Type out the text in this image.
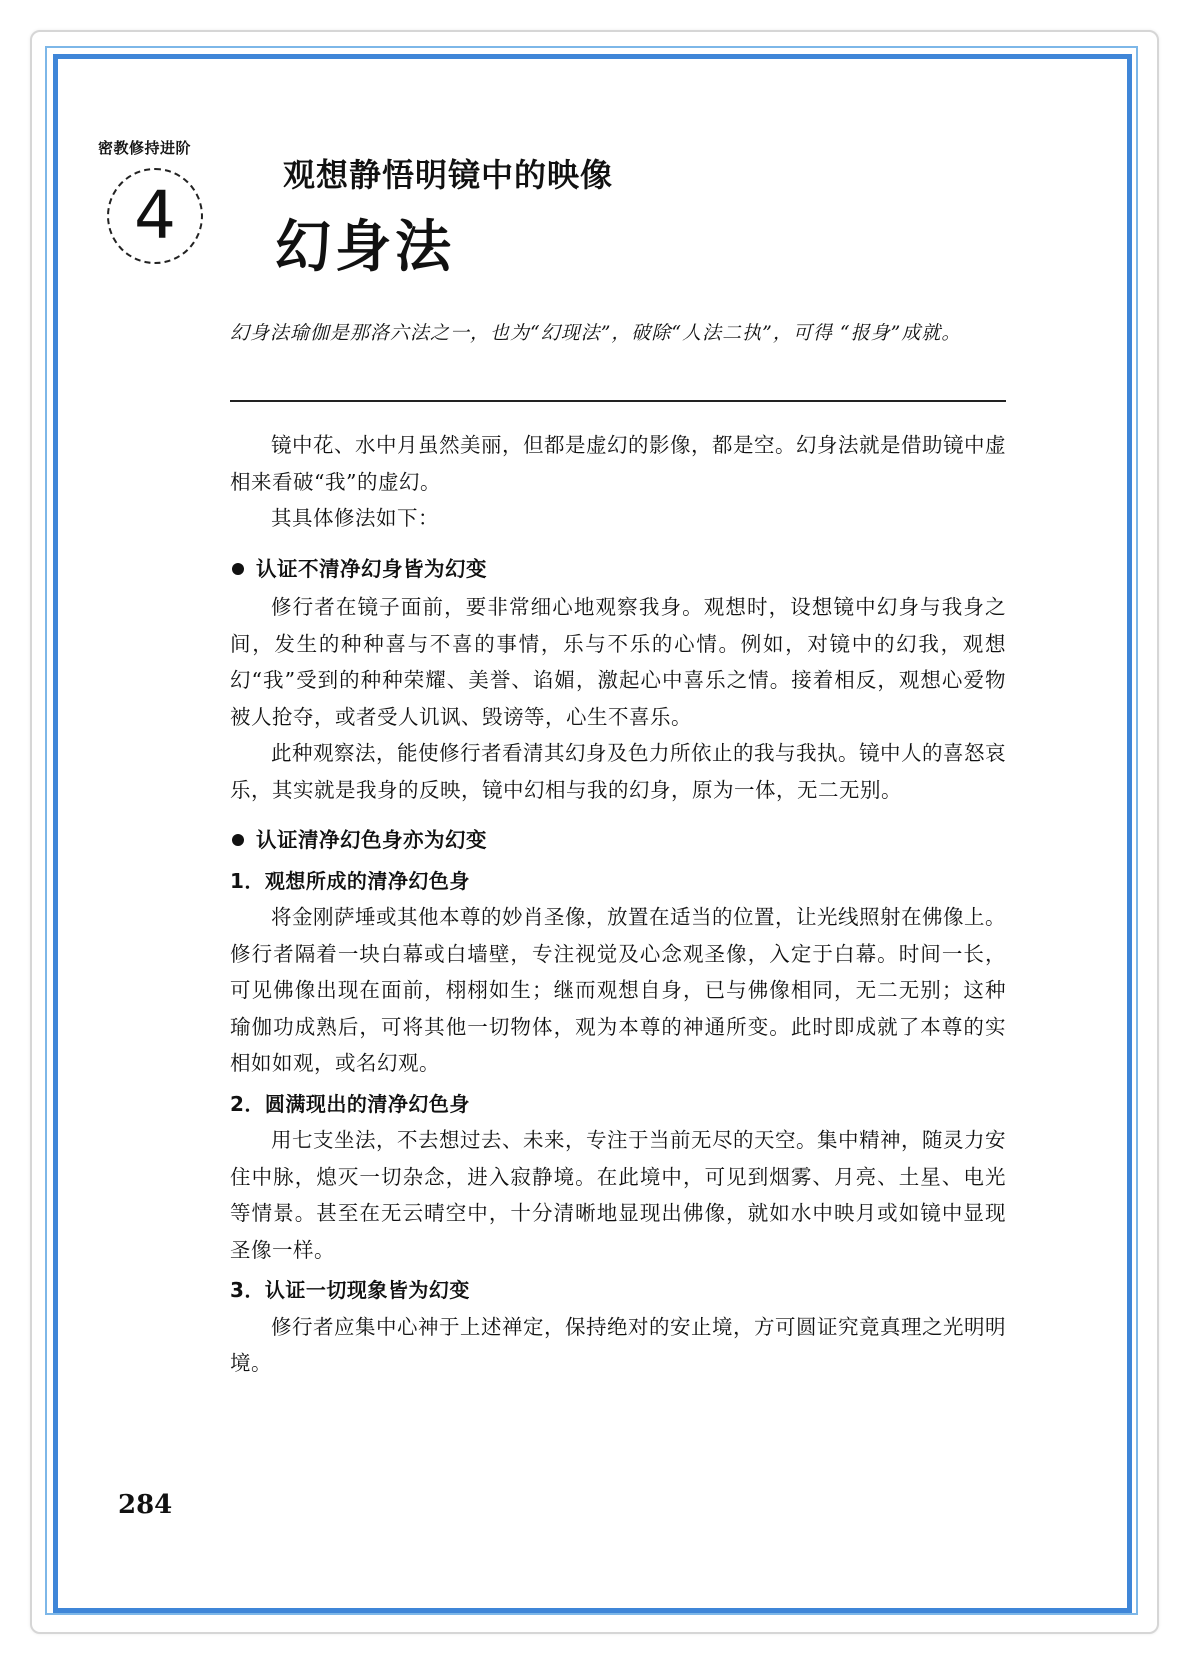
密教修持进阶
4
观想静悟明镜中的映像
幻身法
幻身法瑜伽是那洛六法之一，也为“幻现法”，破除“人法二执”，可得 “报身”成就。

镜中花、水中月虽然美丽，但都是虚幻的影像，都是空。幻身法就是借助镜中虚相来看破“我”的虚幻。

其具体修法如下：

认证不清净幻身皆为幻变

修行者在镜子面前，要非常细心地观察我身。观想时，设想镜中幻身与我身之间，发生的种种喜与不喜的事情，乐与不乐的心情。例如，对镜中的幻我，观想幻“我”受到的种种荣耀、美誉、谄媚，激起心中喜乐之情。接着相反，观想心爱物被人抢夺，或者受人讥讽、毁谤等，心生不喜乐。

此种观察法，能使修行者看清其幻身及色力所依止的我与我执。镜中人的喜怒哀乐，其实就是我身的反映，镜中幻相与我的幻身，原为一体，无二无别。

认证清净幻色身亦为幻变
1．观想所成的清净幻色身

将金刚萨埵或其他本尊的妙肖圣像，放置在适当的位置，让光线照射在佛像上。修行者隔着一块白幕或白墙壁，专注视觉及心念观圣像，入定于白幕。时间一长，可见佛像出现在面前，栩栩如生；继而观想自身，已与佛像相同，无二无别；这种瑜伽功成熟后，可将其他一切物体，观为本尊的神通所变。此时即成就了本尊的实相如如观，或名幻观。

2．圆满现出的清净幻色身

用七支坐法，不去想过去、未来，专注于当前无尽的天空。集中精神，随灵力安住中脉，熄灭一切杂念，进入寂静境。在此境中，可见到烟雾、月亮、土星、电光等情景。甚至在无云晴空中，十分清晰地显现出佛像，就如水中映月或如镜中显现圣像一样。

3．认证一切现象皆为幻变

修行者应集中心神于上述禅定，保持绝对的安止境，方可圆证究竟真理之光明明境。

284
